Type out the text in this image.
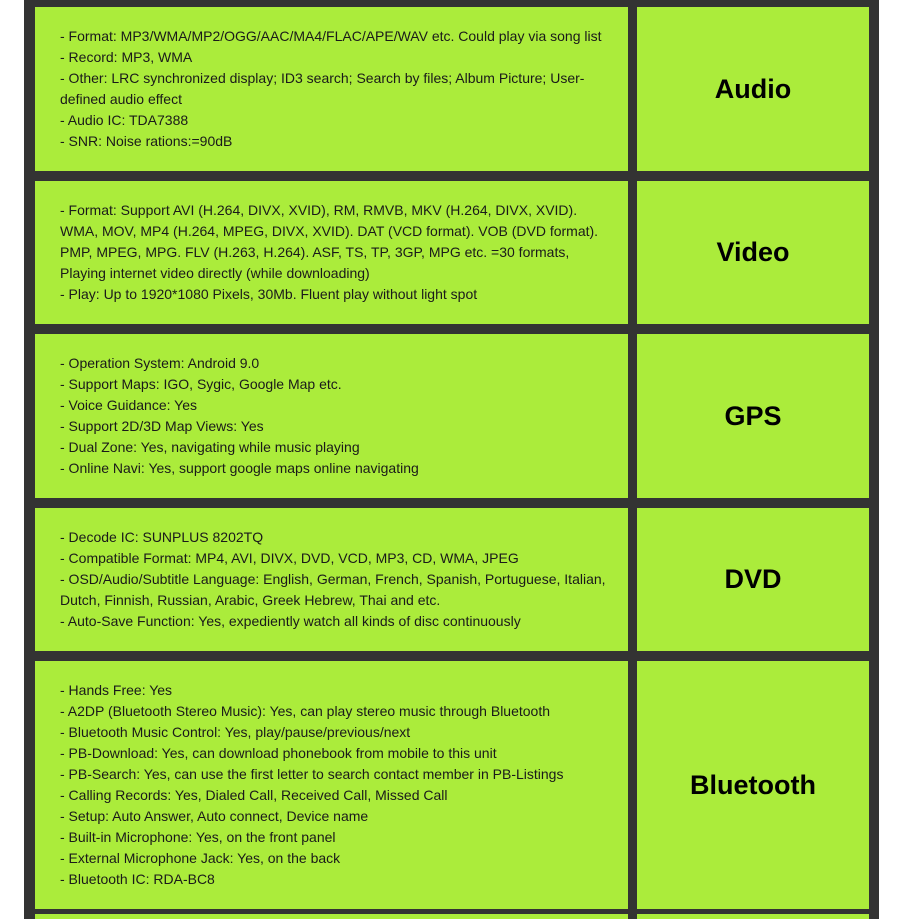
- Format: MP3/WMA/MP2/OGG/AAC/MA4/FLAC/APE/WAV etc. Could play via song list
- Record: MP3, WMA
- Other: LRC synchronized display; ID3 search; Search by files; Album Picture; User-defined audio effect
- Audio IC: TDA7388
- SNR: Noise rations:=90dB
Audio
- Format: Support AVI (H.264, DIVX, XVID), RM, RMVB, MKV (H.264, DIVX, XVID). WMA, MOV, MP4 (H.264, MPEG, DIVX, XVID). DAT (VCD format). VOB (DVD format). PMP, MPEG, MPG. FLV (H.263, H.264). ASF, TS, TP, 3GP, MPG etc. =30 formats, Playing internet video directly (while downloading)
- Play: Up to 1920*1080 Pixels, 30Mb. Fluent play without light spot
Video
- Operation System: Android 9.0
- Support Maps: IGO, Sygic, Google Map etc.
- Voice Guidance: Yes
- Support 2D/3D Map Views: Yes
- Dual Zone: Yes, navigating while music playing
- Online Navi: Yes, support google maps online navigating
GPS
- Decode IC: SUNPLUS 8202TQ
- Compatible Format: MP4, AVI, DIVX, DVD, VCD, MP3, CD, WMA, JPEG
- OSD/Audio/Subtitle Language: English, German, French, Spanish, Portuguese, Italian, Dutch, Finnish, Russian, Arabic, Greek Hebrew, Thai and etc.
- Auto-Save Function: Yes, expediently watch all kinds of disc continuously
DVD
- Hands Free: Yes
- A2DP (Bluetooth Stereo Music): Yes, can play stereo music through Bluetooth
- Bluetooth Music Control: Yes, play/pause/previous/next
- PB-Download: Yes, can download phonebook from mobile to this unit
- PB-Search: Yes, can use the first letter to search contact member in PB-Listings
- Calling Records: Yes, Dialed Call, Received Call, Missed Call
- Setup: Auto Answer, Auto connect, Device name
- Built-in Microphone: Yes, on the front panel
- External Microphone Jack: Yes, on the back
- Bluetooth IC: RDA-BC8
Bluetooth
